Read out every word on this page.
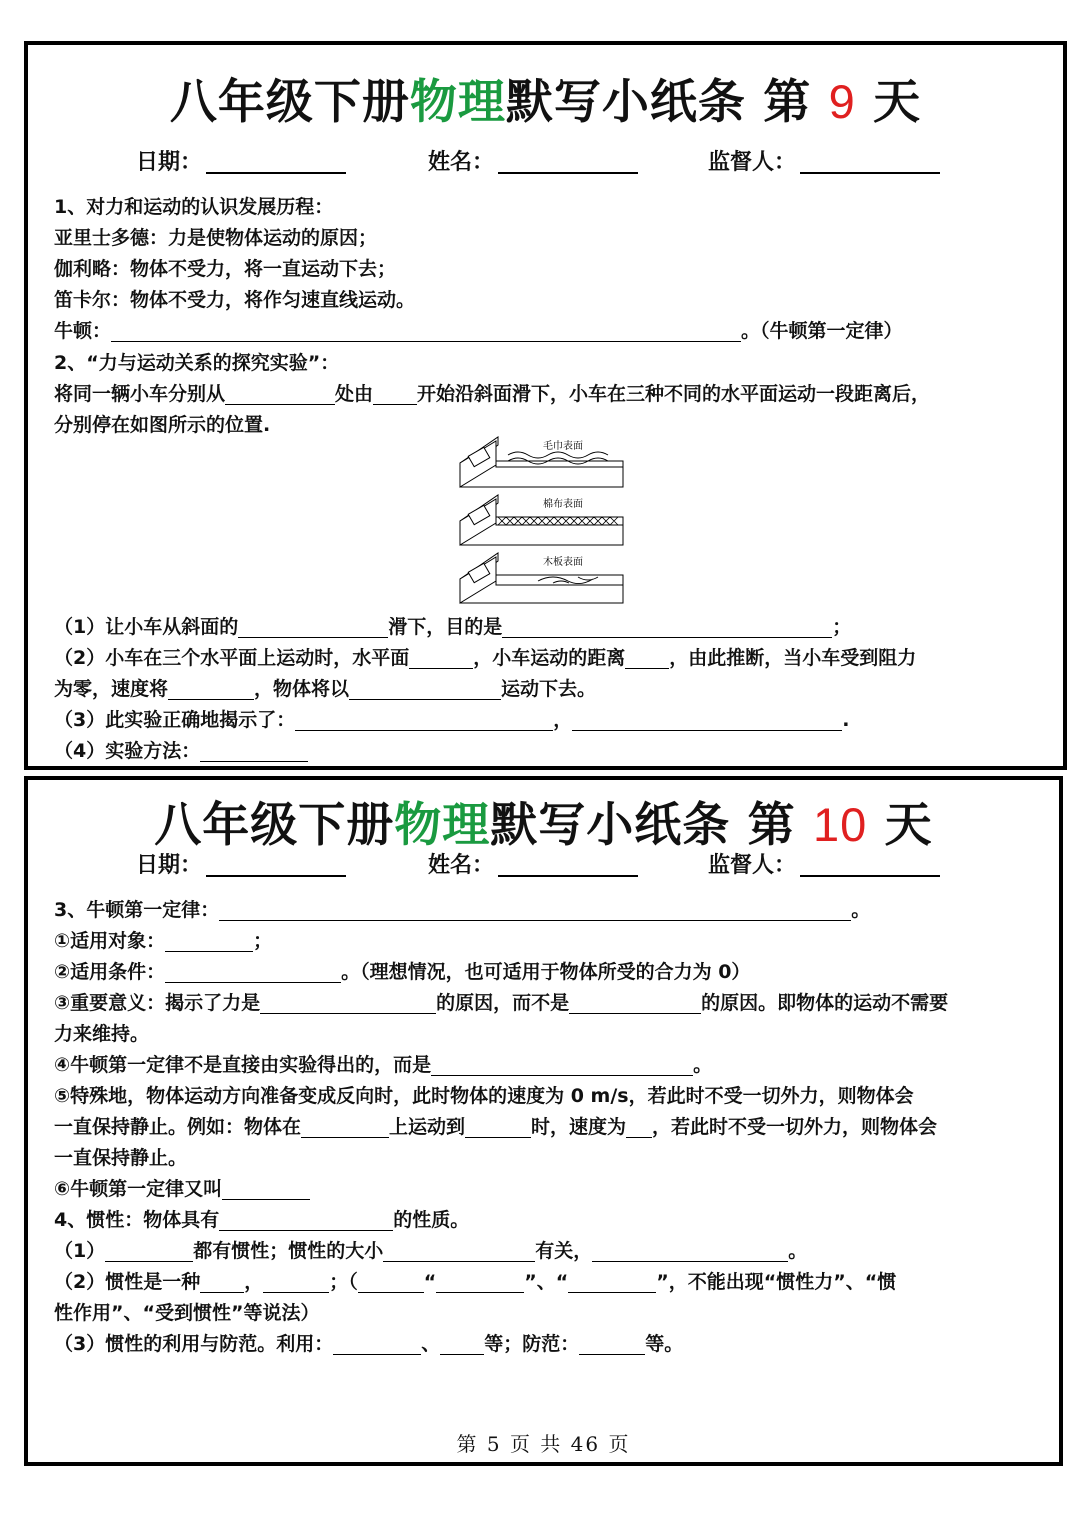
八年级下册物理默写小纸条 第 9 天
日期：	姓名：	监督人：
1、对力和运动的认识发展历程：
亚里士多德：力是使物体运动的原因；
伽利略：物体不受力，将一直运动下去；
笛卡尔：物体不受力，将作匀速直线运动。
牛顿：	。（牛顿第一定律）
2、“力与运动关系的探究实验”：
将同一辆小车分别从	处由 开始沿斜面滑下，小车在三种不同的水平面运动一段距离后，
分别停在如图所示的位置.
毛巾表面
棉布表面
木板表面
（1）让小车从斜面的	滑下，目的是	；
（2）小车在三个水平面上运动时，水平面	，小车运动的距离 ，由此推断，当小车受到阻力
为零，速度将	，物体将以	运动下去。
（3）此实验正确地揭示了：	，	.
（4）实验方法：
八年级下册物理默写小纸条 第 10 天
日期：	姓名：	监督人：
3、牛顿第一定律：	。
①适用对象：	；
②适用条件：	。（理想情况，也可适用于物体所受的合力为 0）
③重要意义：揭示了力是	的原因，而不是	的原因。即物体的运动不需要
力来维持。
④牛顿第一定律不是直接由实验得出的，而是	。
⑤特殊地，物体运动方向准备变成反向时，此时物体的速度为 0 m/s，若此时不受一切外力，则物体会
一直保持静止。例如：物体在	上运动到	时，速度为 ，若此时不受一切外力，则物体会
一直保持静止。
⑥牛顿第一定律又叫
4、惯性：物体具有	的性质。
（1）	都有惯性；惯性的大小	有关，	。
（2）惯性是一种 ，	；（	“	”、“	”，不能出现“惯性力”、“惯
性作用”、“受到惯性”等说法）
（3）惯性的利用与防范。利用：	、 等；防范：	等。
第 5 页 共 46 页
